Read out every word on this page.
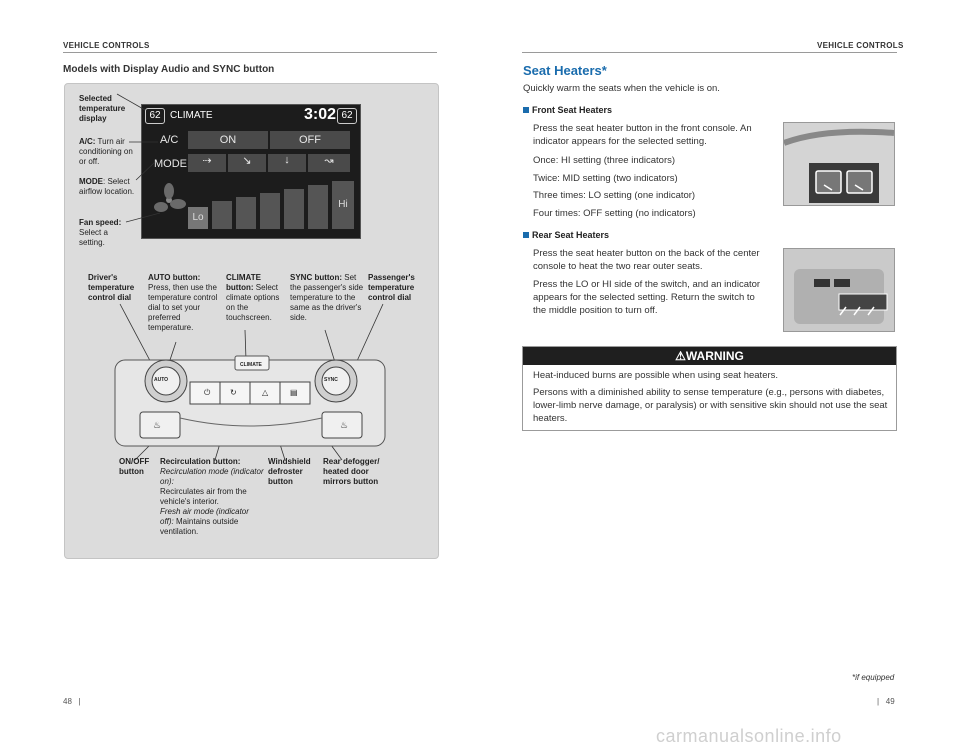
VEHICLE CONTROLS
Models with Display Audio and SYNC button
62 CLIMATE	3:02 62
A/C	ON	OFF
MODE	⇢	↘	↓	↝
Lo
Hi
Selected temperature display
A/C: Turn air conditioning on or off.
MODE: Select airflow location.
Fan speed: Select a setting.
Driver's temperature control dial
AUTO button:
Press, then use the temperature control dial to set your preferred temperature.
CLIMATE button: Select climate options on the touchscreen.
SYNC button: Set the passenger's side temperature to the same as the driver's side.
Passenger's temperature control dial
AUTO	SYNC
CLIMATE
⏻ ↻	△	▤
♨	♨
ON/OFF button
Recirculation button:
Recirculation mode (indicator on):
Recirculates air from the vehicle's interior.
Fresh air mode (indicator off): Maintains outside ventilation.
Windshield defroster button
Rear defogger/ heated door mirrors button
48   |
VEHICLE CONTROLS
Seat Heaters*
Quickly warm the seats when the vehicle is on.
Front Seat Heaters
Press the seat heater button in the front console. An indicator appears for the selected setting.
Once: HI setting (three indicators)
Twice: MID setting (two indicators)
Three times: LO setting (one indicator)
Four times: OFF setting (no indicators)
Rear Seat Heaters
Press the seat heater button on the back of the center console to heat the two rear outer seats.
Press the LO or HI side of the switch, and an indicator appears for the selected setting. Return the switch to the middle position to turn off.
⚠WARNING
Heat-induced burns are possible when using seat heaters.
Persons with a diminished ability to sense temperature (e.g., persons with diabetes, lower-limb nerve damage, or paralysis) or with sensitive skin should not use the seat heaters.
*if equipped
|   49
carmanualsonline.info
